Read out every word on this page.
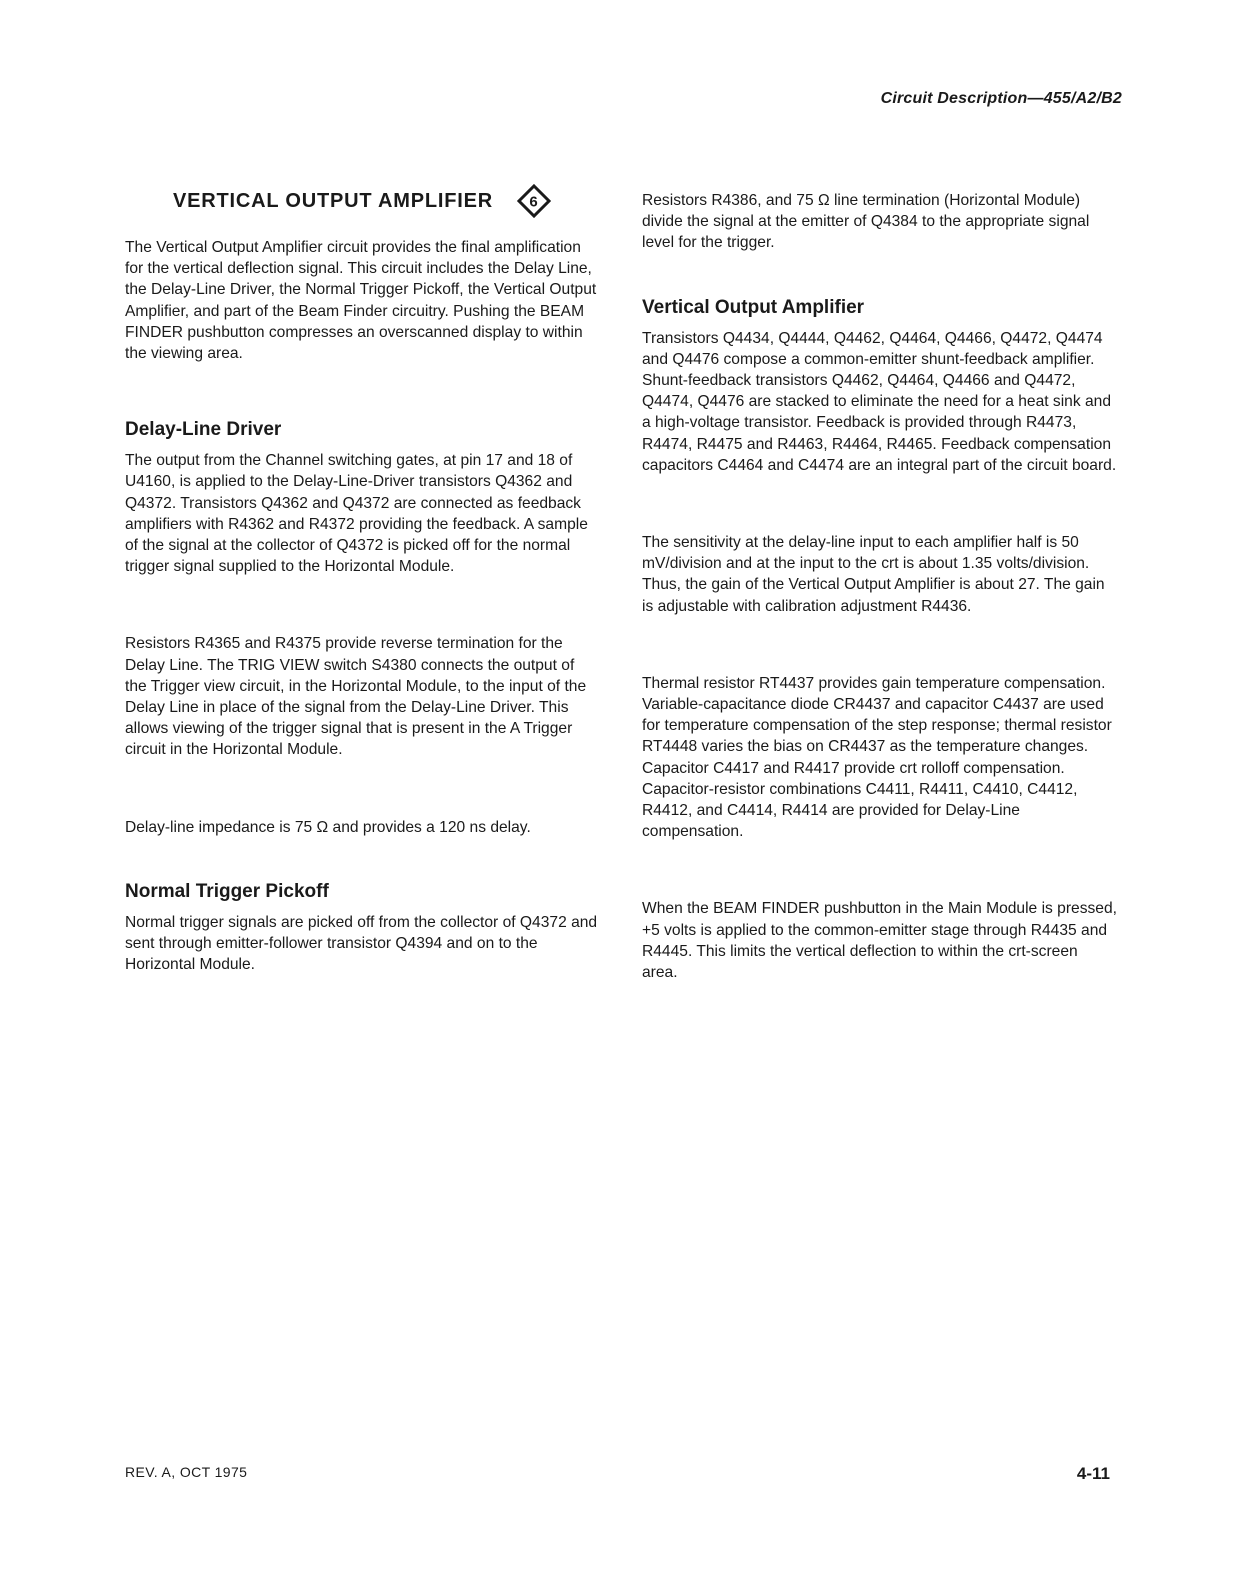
Circuit Description—455/A2/B2
VERTICAL OUTPUT AMPLIFIER 6

The Vertical Output Amplifier circuit provides the final amplification for the vertical deflection signal. This circuit includes the Delay Line, the Delay-Line Driver, the Normal Trigger Pickoff, the Vertical Output Amplifier, and part of the Beam Finder circuitry. Pushing the BEAM FINDER pushbutton compresses an overscanned display to within the viewing area.

Delay-Line Driver

The output from the Channel switching gates, at pin 17 and 18 of U4160, is applied to the Delay-Line-Driver transistors Q4362 and Q4372. Transistors Q4362 and Q4372 are connected as feedback amplifiers with R4362 and R4372 providing the feedback. A sample of the signal at the collector of Q4372 is picked off for the normal trigger signal supplied to the Horizontal Module.

Resistors R4365 and R4375 provide reverse termination for the Delay Line. The TRIG VIEW switch S4380 connects the output of the Trigger view circuit, in the Horizontal Module, to the input of the Delay Line in place of the signal from the Delay-Line Driver. This allows viewing of the trigger signal that is present in the A Trigger circuit in the Horizontal Module.

Delay-line impedance is 75 Ω and provides a 120 ns delay.

Normal Trigger Pickoff

Normal trigger signals are picked off from the collector of Q4372 and sent through emitter-follower transistor Q4394 and on to the Horizontal Module.

Resistors R4386, and 75 Ω line termination (Horizontal Module) divide the signal at the emitter of Q4384 to the appropriate signal level for the trigger.

Vertical Output Amplifier

Transistors Q4434, Q4444, Q4462, Q4464, Q4466, Q4472, Q4474 and Q4476 compose a common-emitter shunt-feedback amplifier. Shunt-feedback transistors Q4462, Q4464, Q4466 and Q4472, Q4474, Q4476 are stacked to eliminate the need for a heat sink and a high-voltage transistor. Feedback is provided through R4473, R4474, R4475 and R4463, R4464, R4465. Feedback compensation capacitors C4464 and C4474 are an integral part of the circuit board.

The sensitivity at the delay-line input to each amplifier half is 50 mV/division and at the input to the crt is about 1.35 volts/division. Thus, the gain of the Vertical Output Amplifier is about 27. The gain is adjustable with calibration adjustment R4436.

Thermal resistor RT4437 provides gain temperature compensation. Variable-capacitance diode CR4437 and capacitor C4437 are used for temperature compensation of the step response; thermal resistor RT4448 varies the bias on CR4437 as the temperature changes. Capacitor C4417 and R4417 provide crt rolloff compensation. Capacitor-resistor combinations C4411, R4411, C4410, C4412, R4412, and C4414, R4414 are provided for Delay-Line compensation.

When the BEAM FINDER pushbutton in the Main Module is pressed, +5 volts is applied to the common-emitter stage through R4435 and R4445. This limits the vertical deflection to within the crt-screen area.

REV. A, OCT 1975	4-11
